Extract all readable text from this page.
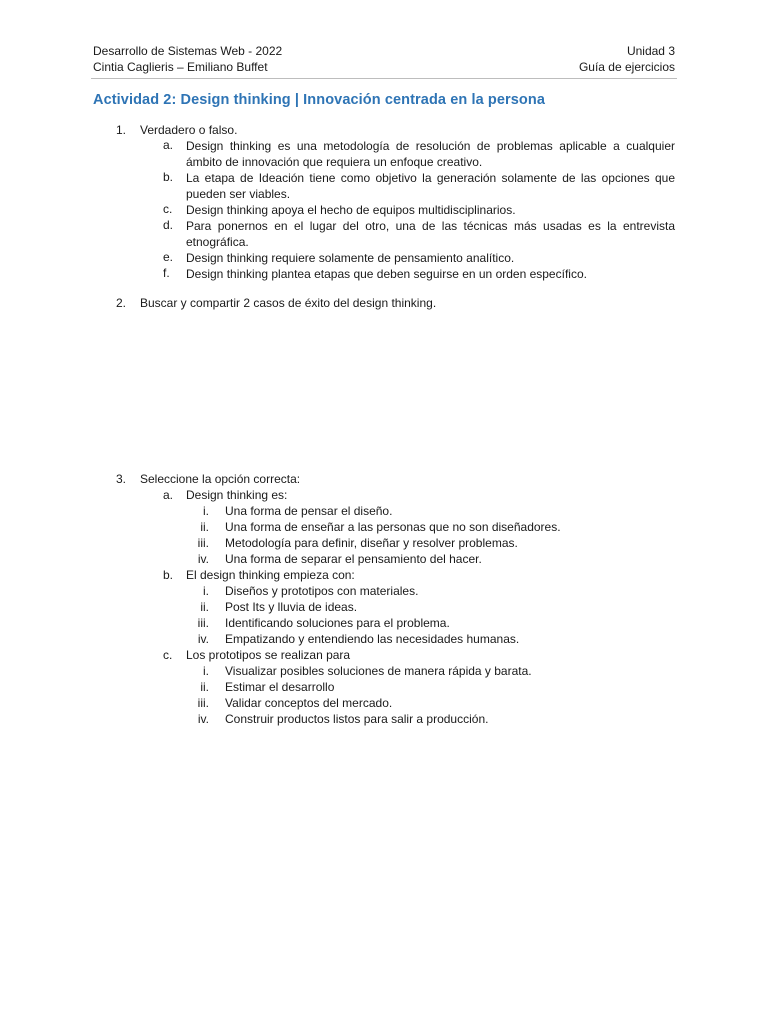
Desarrollo de Sistemas Web - 2022	Unidad 3
Cintia Caglieris – Emiliano Buffet	Guía de ejercicios
Actividad 2: Design thinking | Innovación centrada en la persona
1. Verdadero o falso.
a. Design thinking es una metodología de resolución de problemas aplicable a cualquier ámbito de innovación que requiera un enfoque creativo.
b. La etapa de Ideación tiene como objetivo la generación solamente de las opciones que pueden ser viables.
c. Design thinking apoya el hecho de equipos multidisciplinarios.
d. Para ponernos en el lugar del otro, una de las técnicas más usadas es la entrevista etnográfica.
e. Design thinking requiere solamente de pensamiento analítico.
f. Design thinking plantea etapas que deben seguirse en un orden específico.
2. Buscar y compartir 2 casos de éxito del design thinking.
3. Seleccione la opción correcta:
a. Design thinking es:
i. Una forma de pensar el diseño.
ii. Una forma de enseñar a las personas que no son diseñadores.
iii. Metodología para definir, diseñar y resolver problemas.
iv. Una forma de separar el pensamiento del hacer.
b. El design thinking empieza con:
i. Diseños y prototipos con materiales.
ii. Post Its y lluvia de ideas.
iii. Identificando soluciones para el problema.
iv. Empatizando y entendiendo las necesidades humanas.
c. Los prototipos se realizan para
i. Visualizar posibles soluciones de manera rápida y barata.
ii. Estimar el desarrollo
iii. Validar conceptos del mercado.
iv. Construir productos listos para salir a producción.
